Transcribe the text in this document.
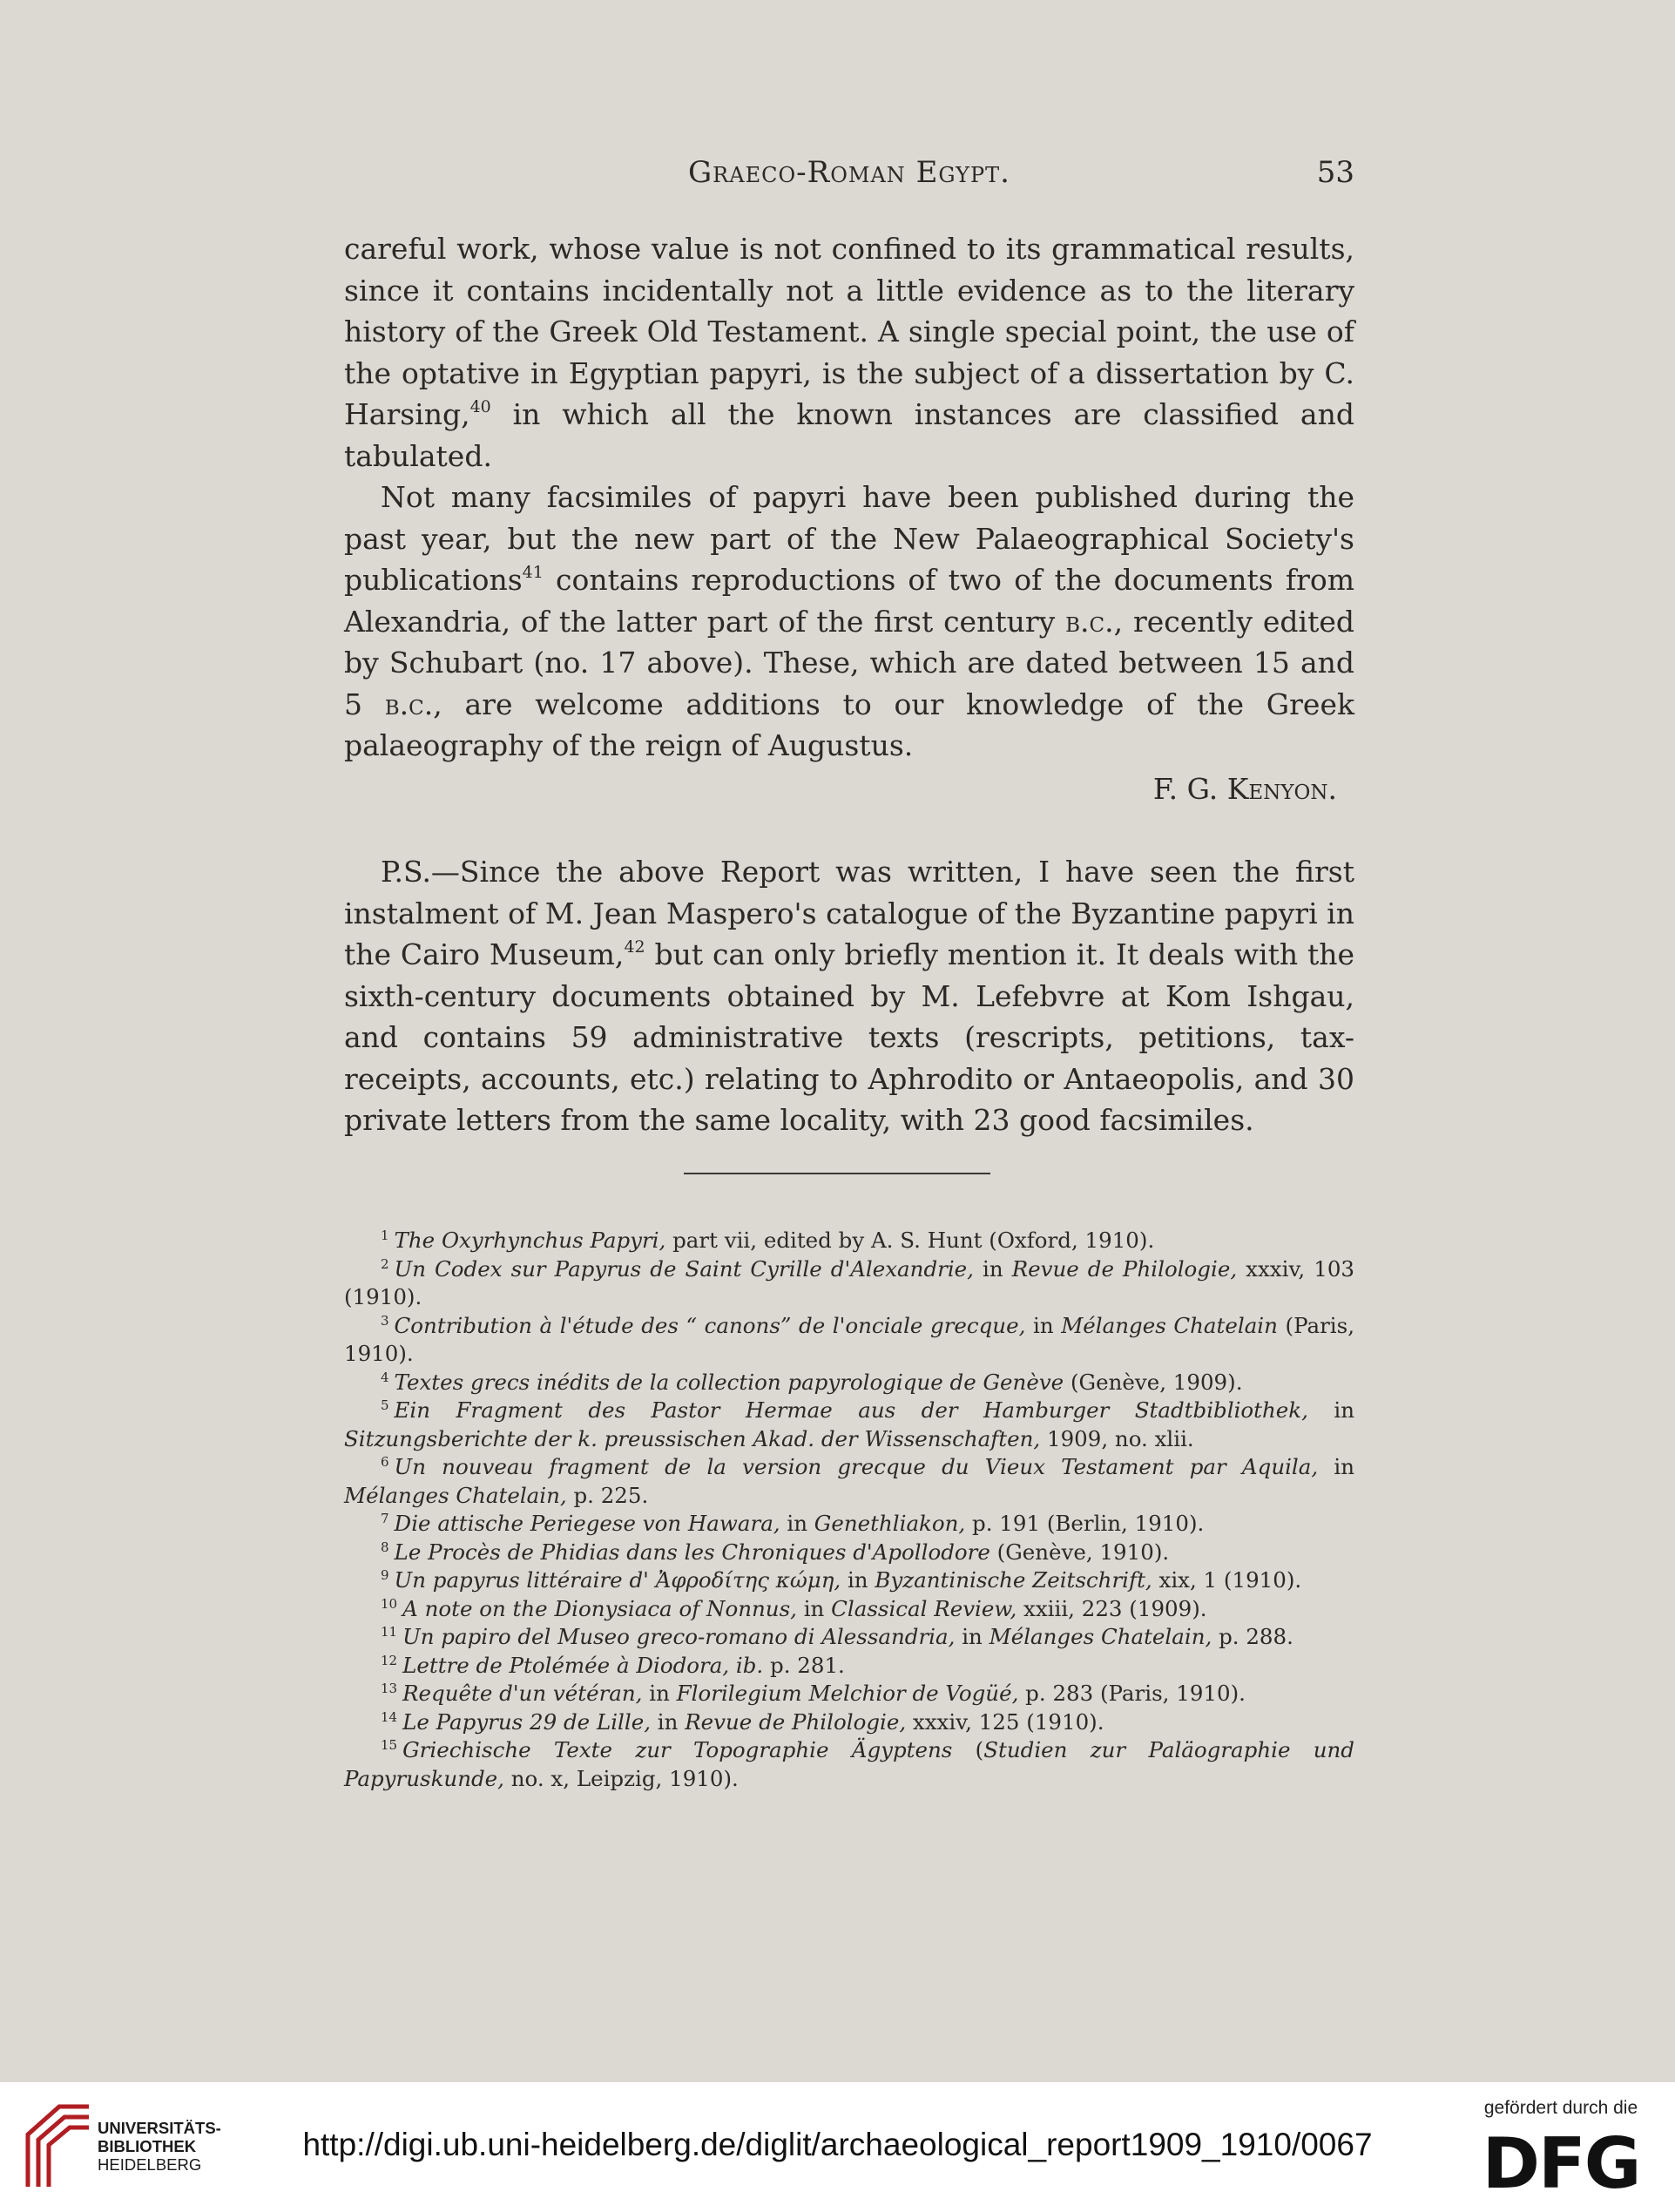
Graeco-Roman Egypt.	53

careful work, whose value is not confined to its grammatical results, since it contains incidentally not a little evidence as to the literary history of the Greek Old Testament. A single special point, the use of the optative in Egyptian papyri, is the subject of a dissertation by C. Harsing,$^{40}$ in which all the known instances are classified and tabulated.

Not many facsimiles of papyri have been published during the past year, but the new part of the New Palaeographical Society's publications$^{41}$ contains reproductions of two of the documents from Alexandria, of the latter part of the first century b.c., recently edited by Schubart (no. 17 above). These, which are dated between 15 and 5 b.c., are welcome additions to our knowledge of the Greek palaeography of the reign of Augustus.

F. G. Kenyon.

P.S.—Since the above Report was written, I have seen the first instalment of M. Jean Maspero's catalogue of the Byzantine papyri in the Cairo Museum,$^{42}$ but can only briefly mention it. It deals with the sixth-century documents obtained by M. Lefebvre at Kom Ishgau, and contains 59 administrative texts (rescripts, petitions, tax-receipts, accounts, etc.) relating to Aphrodito or Antaeopolis, and 30 private letters from the same locality, with 23 good facsimiles.

$^1$ The Oxyrhynchus Papyri, part vii, edited by A. S. Hunt (Oxford, 1910).

$^2$ Un Codex sur Papyrus de Saint Cyrille d'Alexandrie, in Revue de Philologie, xxxiv, 103 (1910).

$^3$ Contribution à l'étude des “ canons” de l'onciale grecque, in Mélanges Chatelain (Paris, 1910).

$^4$ Textes grecs inédits de la collection papyrologique de Genève (Genève, 1909).

$^5$ Ein Fragment des Pastor Hermae aus der Hamburger Stadtbibliothek, in Sitzungsberichte der k. preussischen Akad. der Wissenschaften, 1909, no. xlii.

$^6$ Un nouveau fragment de la version grecque du Vieux Testament par Aquila, in Mélanges Chatelain, p. 225.

$^7$ Die attische Periegese von Hawara, in Genethliakon, p. 191 (Berlin, 1910).

$^8$ Le Procès de Phidias dans les Chroniques d'Apollodore (Genève, 1910).

$^9$ Un papyrus littéraire d' Ἀφροδίτης κώμη, in Byzantinische Zeitschrift, xix, 1 (1910).

$^{10}$ A note on the Dionysiaca of Nonnus, in Classical Review, xxiii, 223 (1909).

$^{11}$ Un papiro del Museo greco-romano di Alessandria, in Mélanges Chatelain, p. 288.

$^{12}$ Lettre de Ptolémée à Diodora, ib. p. 281.

$^{13}$ Requête d'un vétéran, in Florilegium Melchior de Vogüé, p. 283 (Paris, 1910).

$^{14}$ Le Papyrus 29 de Lille, in Revue de Philologie, xxxiv, 125 (1910).

$^{15}$ Griechische Texte zur Topographie Ägyptens (Studien zur Paläographie und Papyruskunde, no. x, Leipzig, 1910).

UNIVERSITÄTS-
BIBLIOTHEK
HEIDELBERG
http://digi.ub.uni-heidelberg.de/diglit/archaeological_report1909_1910/0067
gefördert durch die
DFG
